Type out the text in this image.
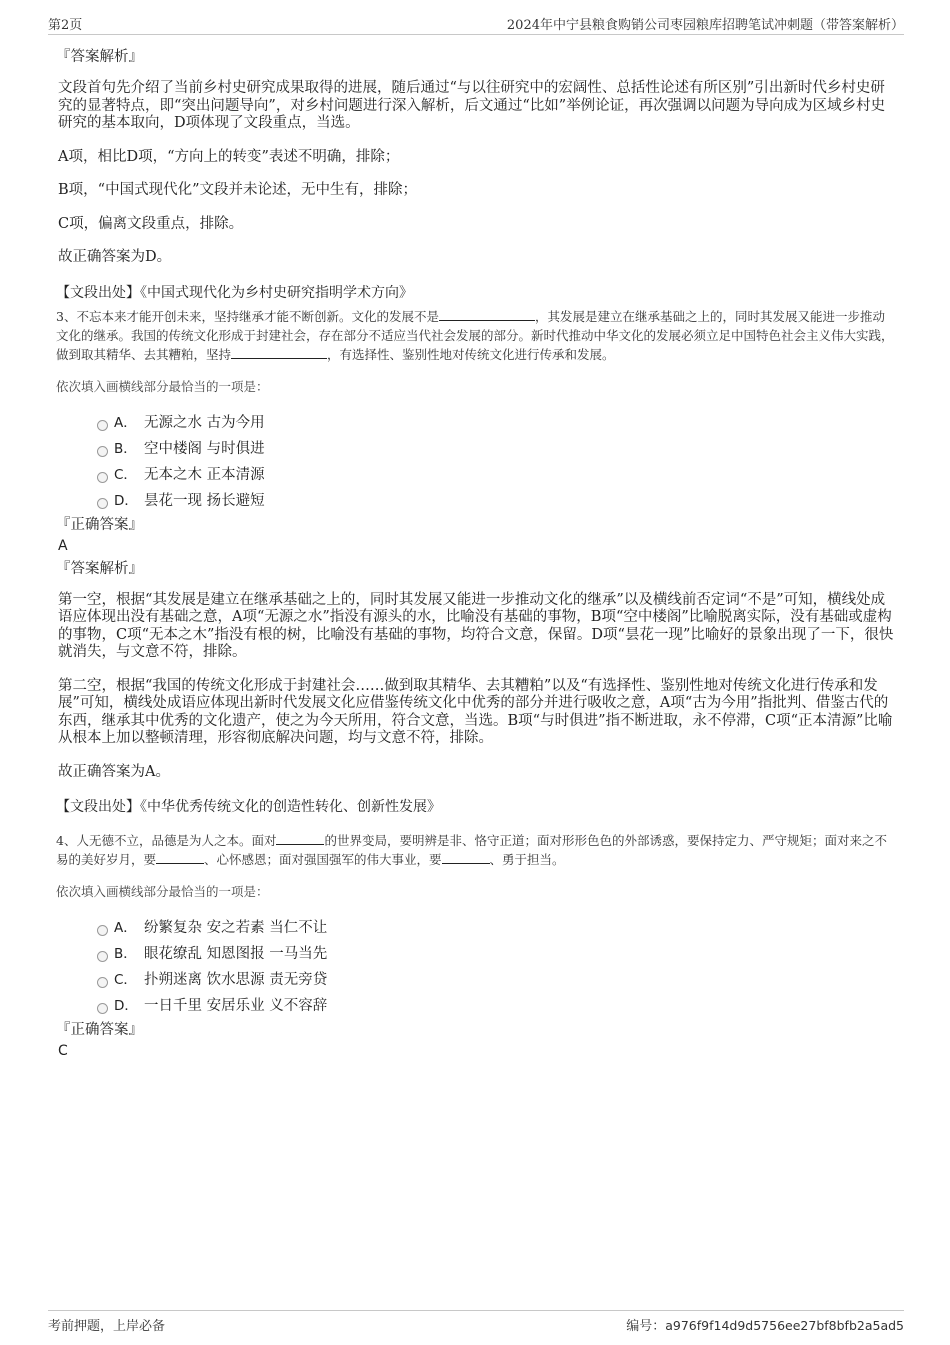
第2页	2024年中宁县粮食购销公司枣园粮库招聘笔试冲刺题（带答案解析）

『答案解析』

文段首句先介绍了当前乡村史研究成果取得的进展，随后通过“与以往研究中的宏阔性、总括性论述有所区别”引出新时代乡村史研究的显著特点，即“突出问题导向”，对乡村问题进行深入解析，后文通过“比如”举例论证，再次强调以问题为导向成为区域乡村史研究的基本取向，D项体现了文段重点，当选。

A项，相比D项，“方向上的转变”表述不明确，排除；

B项，“中国式现代化”文段并未论述，无中生有，排除；

C项，偏离文段重点，排除。

故正确答案为D。

【文段出处】《中国式现代化为乡村史研究指明学术方向》

3、不忘本来才能开创未来，坚持继承才能不断创新。文化的发展不是	，其发展是建立在继承基础之上的，同时其发展又能进一步推动文化的继承。我国的传统文化形成于封建社会，存在部分不适应当代社会发展的部分。新时代推动中华文化的发展必须立足中国特色社会主义伟大实践，做到取其精华、去其糟粕，坚持	，有选择性、鉴别性地对传统文化进行传承和发展。

依次填入画横线部分最恰当的一项是：

A． 无源之水 古为今用
B． 空中楼阁 与时俱进
C． 无本之木 正本清源
D． 昙花一现 扬长避短

『正确答案』

A

『答案解析』

第一空，根据“其发展是建立在继承基础之上的，同时其发展又能进一步推动文化的继承”以及横线前否定词“不是”可知，横线处成语应体现出没有基础之意，A项“无源之水”指没有源头的水，比喻没有基础的事物，B项“空中楼阁”比喻脱离实际，没有基础或虚构的事物，C项“无本之木”指没有根的树，比喻没有基础的事物，均符合文意，保留。D项“昙花一现”比喻好的景象出现了一下，很快就消失，与文意不符，排除。

第二空，根据“我国的传统文化形成于封建社会……做到取其精华、去其糟粕”以及“有选择性、鉴别性地对传统文化进行传承和发展”可知，横线处成语应体现出新时代发展文化应借鉴传统文化中优秀的部分并进行吸收之意，A项“古为今用”指批判、借鉴古代的东西，继承其中优秀的文化遗产，使之为今天所用，符合文意，当选。B项“与时俱进”指不断进取，永不停滞，C项“正本清源”比喻从根本上加以整顿清理，形容彻底解决问题，均与文意不符，排除。

故正确答案为A。

【文段出处】《中华优秀传统文化的创造性转化、创新性发展》

4、人无德不立，品德是为人之本。面对	的世界变局，要明辨是非、恪守正道；面对形形色色的外部诱惑，要保持定力、严守规矩；面对来之不易的美好岁月，要	、心怀感恩；面对强国强军的伟大事业，要	、勇于担当。

依次填入画横线部分最恰当的一项是：

A． 纷繁复杂 安之若素 当仁不让
B． 眼花缭乱 知恩图报 一马当先
C． 扑朔迷离 饮水思源 责无旁贷
D． 一日千里 安居乐业 义不容辞

『正确答案』

C

考前押题，上岸必备	编号：a976f9f14d9d5756ee27bf8bfb2a5ad5
